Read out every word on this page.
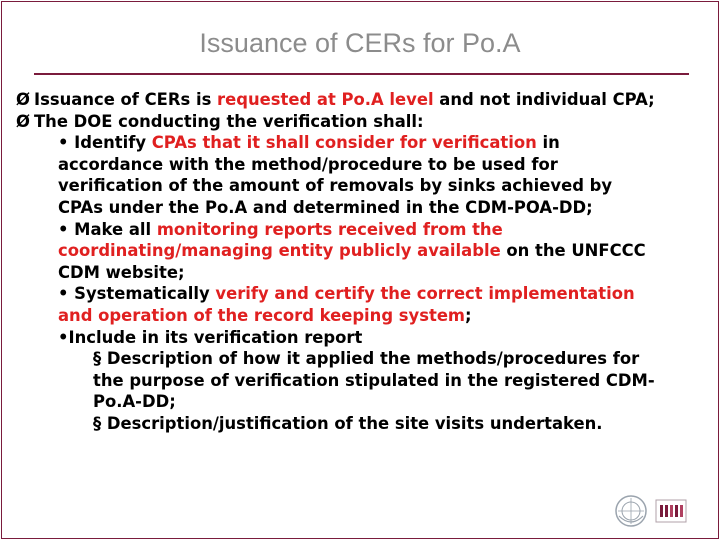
Issuance of CERs for Po.A
Ø Issuance of CERs is requested at Po.A level and not individual CPA;
Ø The DOE conducting the verification shall:
• Identify CPAs that it shall consider for verification in
accordance with the method/procedure to be used for
verification of the amount of removals by sinks achieved by
CPAs under the Po.A and determined in the CDM-POA-DD;
• Make all monitoring reports received from the
coordinating/managing entity publicly available on the UNFCCC
CDM website;
• Systematically verify and certify the correct implementation
and operation of the record keeping system;
•Include in its verification report
§ Description of how it applied the methods/procedures for
the purpose of verification stipulated in the registered CDM-
Po.A-DD;
§ Description/justification of the site visits undertaken.
